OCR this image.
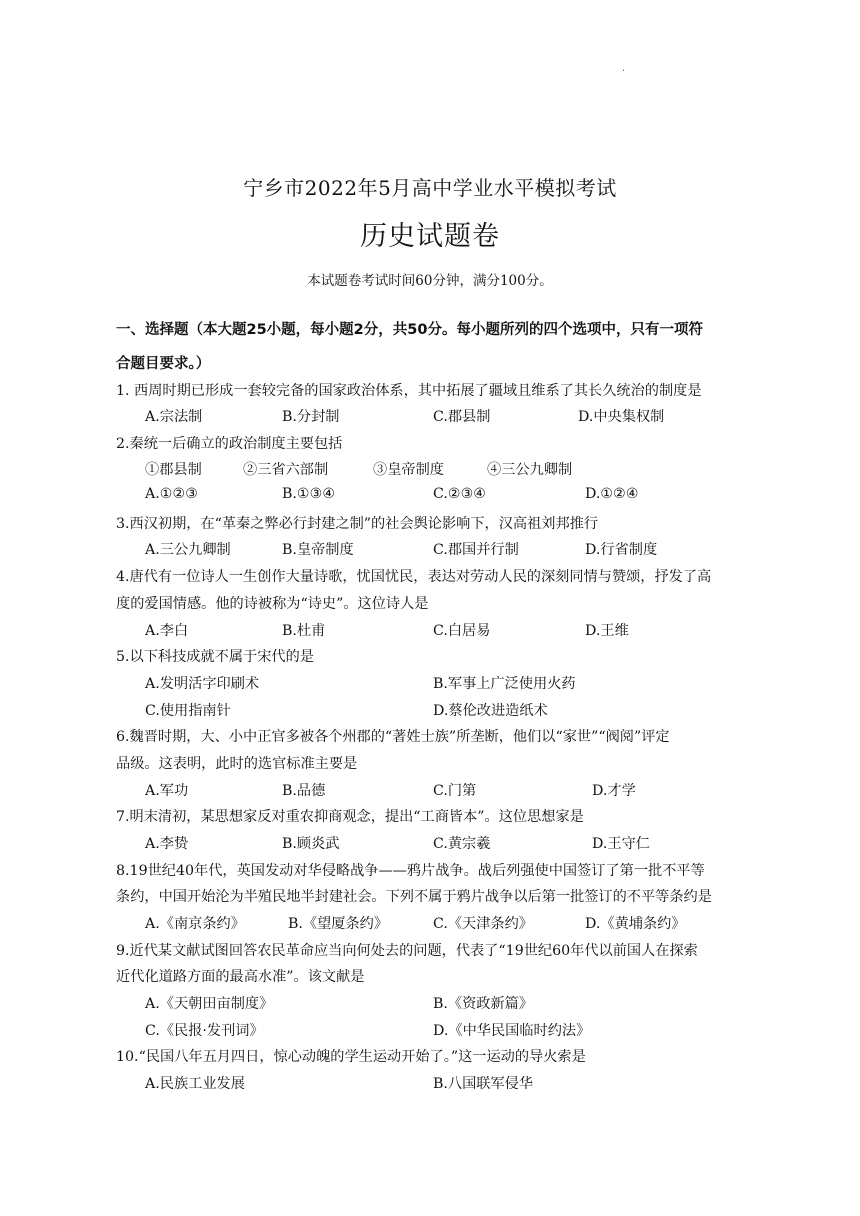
·
宁乡市2022年5月高中学业水平模拟考试
历史试题卷
本试题卷考试时间60分钟，满分100分。
一、选择题（本大题25小题，每小题2分，共50分。每小题所列的四个选项中，只有一项符
合题目要求。）
1. 西周时期已形成一套较完备的国家政治体系，其中拓展了疆域且维系了其长久统治的制度是
A.宗法制	B.分封制	C.郡县制	D.中央集权制
2.秦统一后确立的政治制度主要包括
①郡县制	②三省六部制	③皇帝制度	④三公九卿制
A.①②③	B.①③④	C.②③④	D.①②④
3.西汉初期，在“革秦之弊必行封建之制”的社会舆论影响下，汉高祖刘邦推行
A.三公九卿制	B.皇帝制度	C.郡国并行制	D.行省制度
4.唐代有一位诗人一生创作大量诗歌，忧国忧民，表达对劳动人民的深刻同情与赞颂，抒发了高
度的爱国情感。他的诗被称为“诗史”。这位诗人是
A.李白	B.杜甫	C.白居易	D.王维
5.以下科技成就不属于宋代的是
A.发明活字印刷术	B.军事上广泛使用火药
C.使用指南针	D.蔡伦改进造纸术
6.魏晋时期，大、小中正官多被各个州郡的“著姓士族”所垄断，他们以“家世”“阀阅”评定
品级。这表明，此时的选官标准主要是
A.军功	B.品德	C.门第	D.才学
7.明末清初，某思想家反对重农抑商观念，提出“工商皆本”。这位思想家是
A.李贽	B.顾炎武	C.黄宗羲	D.王守仁
8.19世纪40年代，英国发动对华侵略战争——鸦片战争。战后列强使中国签订了第一批不平等
条约，中国开始沦为半殖民地半封建社会。下列不属于鸦片战争以后第一批签订的不平等条约是
A.《南京条约》	B.《望厦条约》	C.《天津条约》	D.《黄埔条约》
9.近代某文献试图回答农民革命应当向何处去的问题，代表了“19世纪60年代以前国人在探索
近代化道路方面的最高水准”。该文献是
A.《天朝田亩制度》	B.《资政新篇》
C.《民报·发刊词》	D.《中华民国临时约法》
10.“民国八年五月四日，惊心动魄的学生运动开始了。”这一运动的导火索是
A.民族工业发展	B.八国联军侵华
